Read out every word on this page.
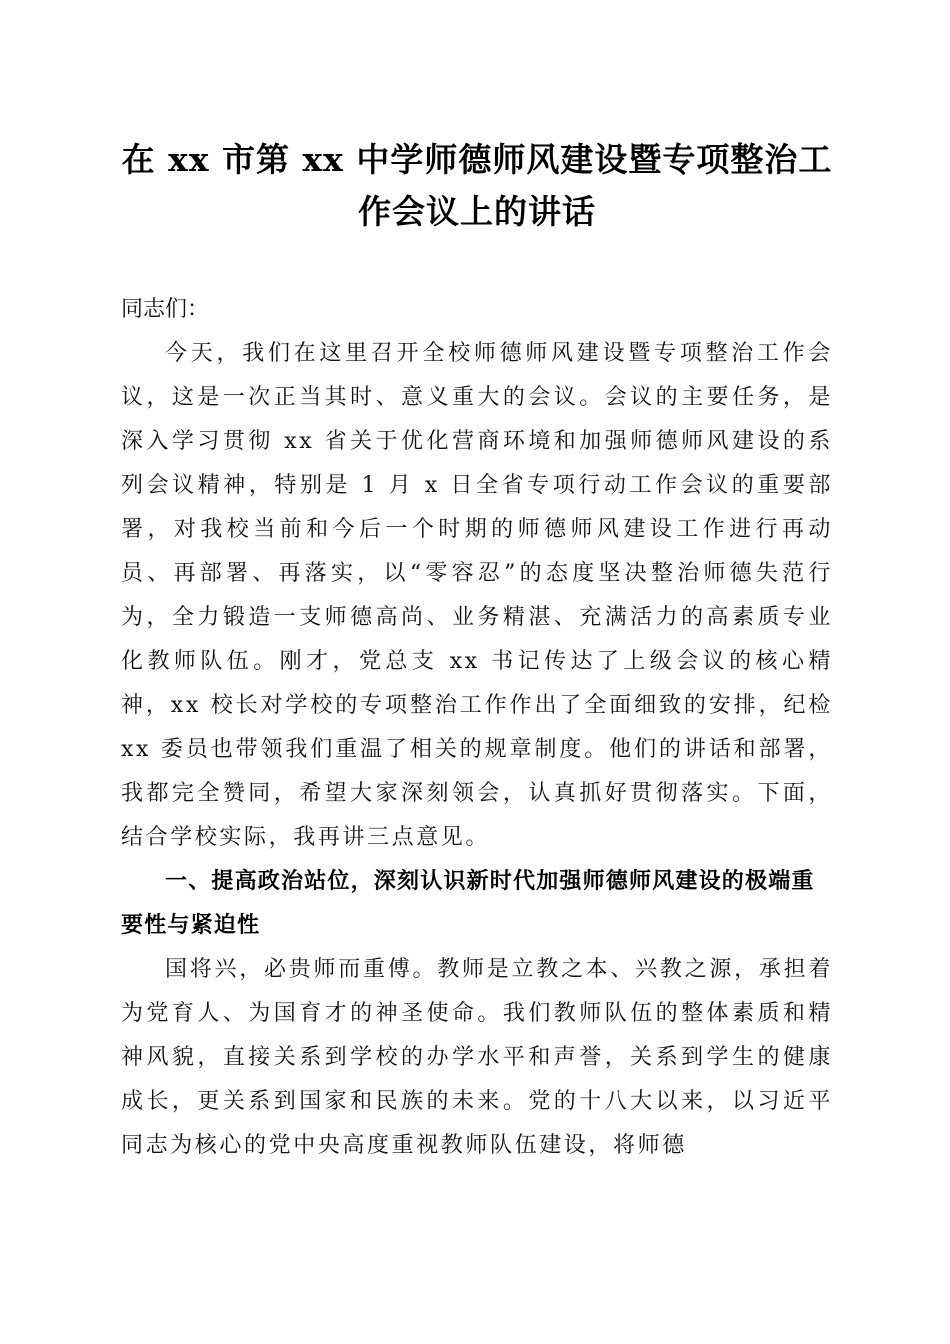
在 xx 市第 xx 中学师德师风建设暨专项整治工
作会议上的讲话

同志们：

今天，我们在这里召开全校师德师风建设暨专项整治工作会议，这是一次正当其时、意义重大的会议。会议的主要任务，是深入学习贯彻 xx 省关于优化营商环境和加强师德师风建设的系列会议精神，特别是 1 月 x 日全省专项行动工作会议的重要部署，对我校当前和今后一个时期的师德师风建设工作进行再动员、再部署、再落实，以“零容忍”的态度坚决整治师德失范行为，全力锻造一支师德高尚、业务精湛、充满活力的高素质专业化教师队伍。刚才，党总支 xx 书记传达了上级会议的核心精神，xx 校长对学校的专项整治工作作出了全面细致的安排，纪检 xx 委员也带领我们重温了相关的规章制度。他们的讲话和部署，我都完全赞同，希望大家深刻领会，认真抓好贯彻落实。下面，结合学校实际，我再讲三点意见。

一、提高政治站位，深刻认识新时代加强师德师风建设的极端重要性与紧迫性

国将兴，必贵师而重傅。教师是立教之本、兴教之源，承担着为党育人、为国育才的神圣使命。我们教师队伍的整体素质和精神风貌，直接关系到学校的办学水平和声誉，关系到学生的健康成长，更关系到国家和民族的未来。党的十八大以来，以习近平同志为核心的党中央高度重视教师队伍建设，将师德
